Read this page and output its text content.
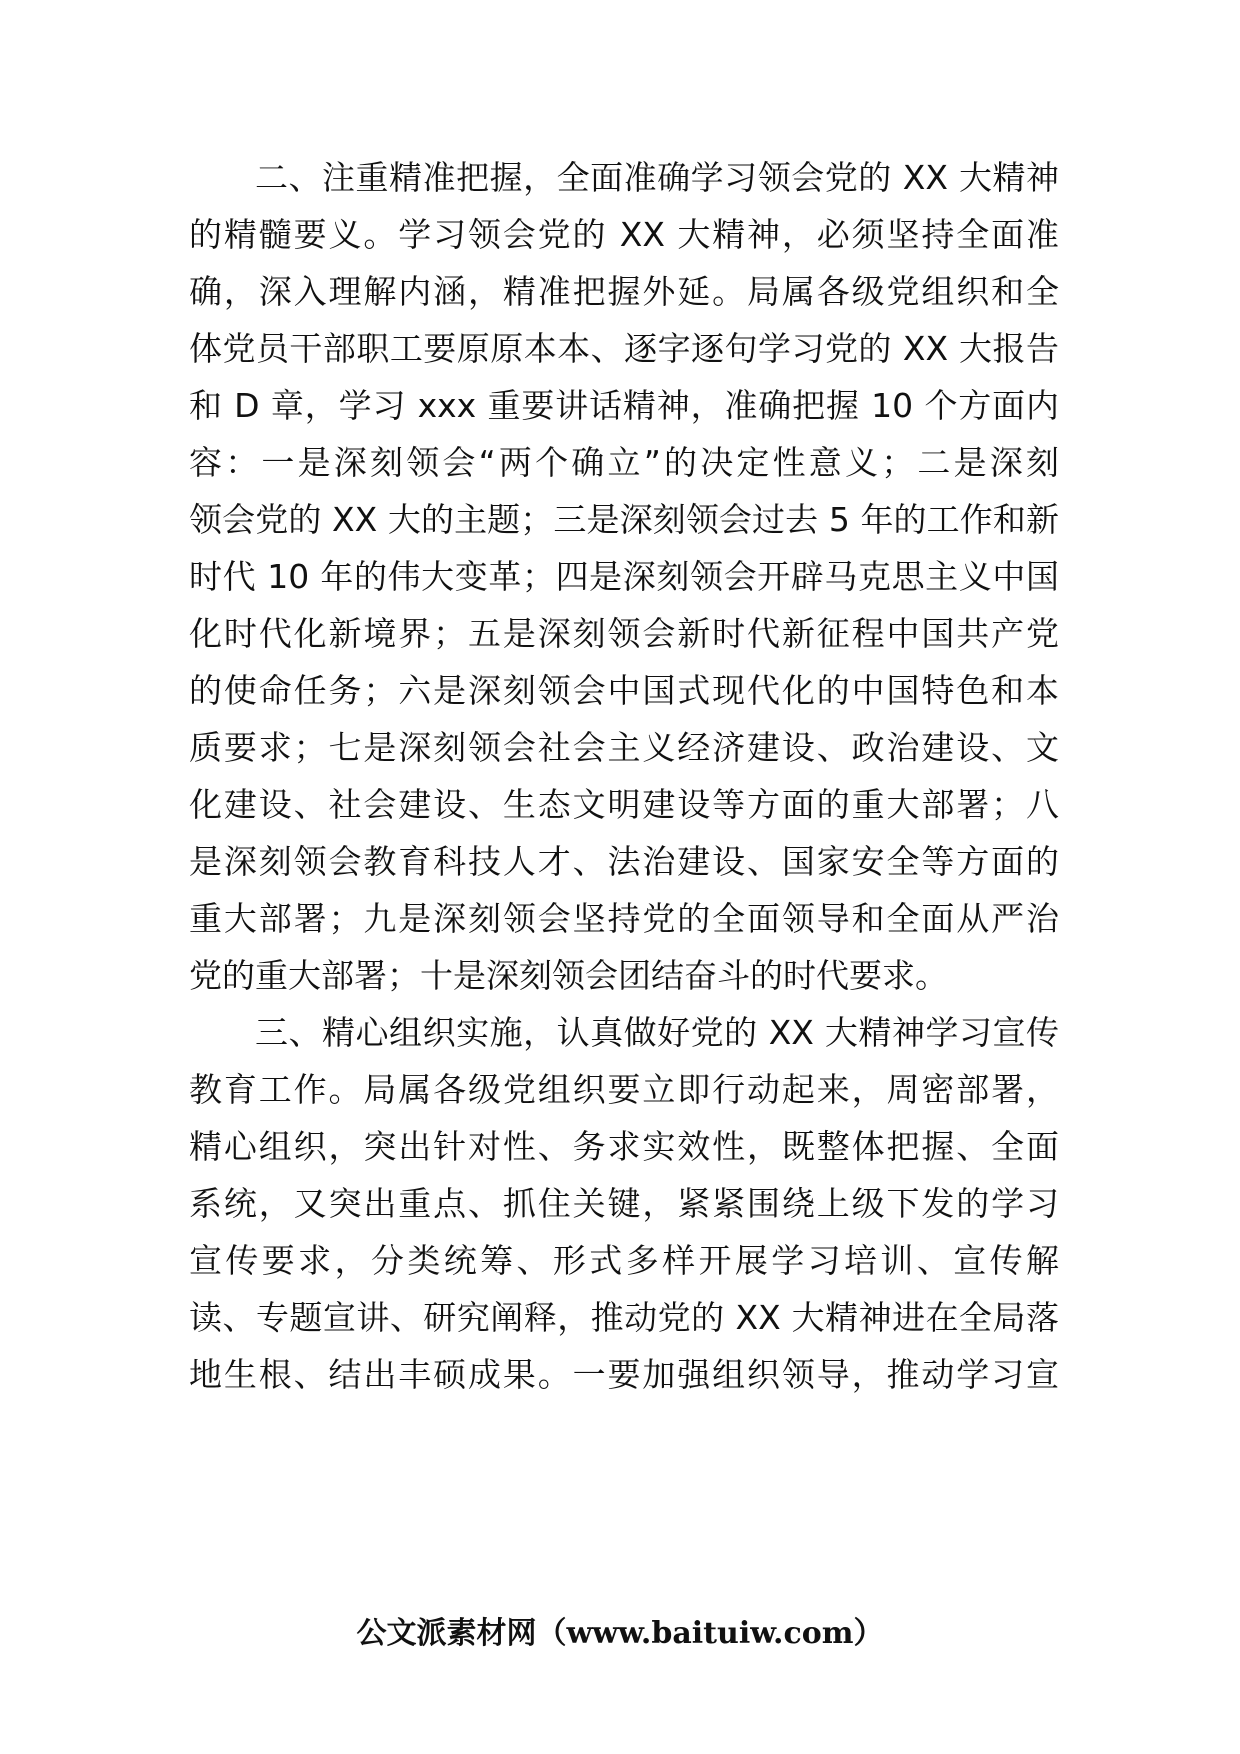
二、注重精准把握，全面准确学习领会党的 XX 大精神
的精髓要义。学习领会党的 XX 大精神，必须坚持全面准
确，深入理解内涵，精准把握外延。局属各级党组织和全
体党员干部职工要原原本本、逐字逐句学习党的 XX 大报告
和 D 章，学习 xxx 重要讲话精神，准确把握 10 个方面内
容：一是深刻领会“两个确立”的决定性意义；二是深刻
领会党的 XX 大的主题；三是深刻领会过去 5 年的工作和新
时代 10 年的伟大变革；四是深刻领会开辟马克思主义中国
化时代化新境界；五是深刻领会新时代新征程中国共产党
的使命任务；六是深刻领会中国式现代化的中国特色和本
质要求；七是深刻领会社会主义经济建设、政治建设、文
化建设、社会建设、生态文明建设等方面的重大部署；八
是深刻领会教育科技人才、法治建设、国家安全等方面的
重大部署；九是深刻领会坚持党的全面领导和全面从严治
党的重大部署；十是深刻领会团结奋斗的时代要求。
三、精心组织实施，认真做好党的 XX 大精神学习宣传
教育工作。局属各级党组织要立即行动起来，周密部署，
精心组织，突出针对性、务求实效性，既整体把握、全面
系统，又突出重点、抓住关键，紧紧围绕上级下发的学习
宣传要求，分类统筹、形式多样开展学习培训、宣传解
读、专题宣讲、研究阐释，推动党的 XX 大精神进在全局落
地生根、结出丰硕成果。一要加强组织领导，推动学习宣
公文派素材网（www.baituiw.com）
